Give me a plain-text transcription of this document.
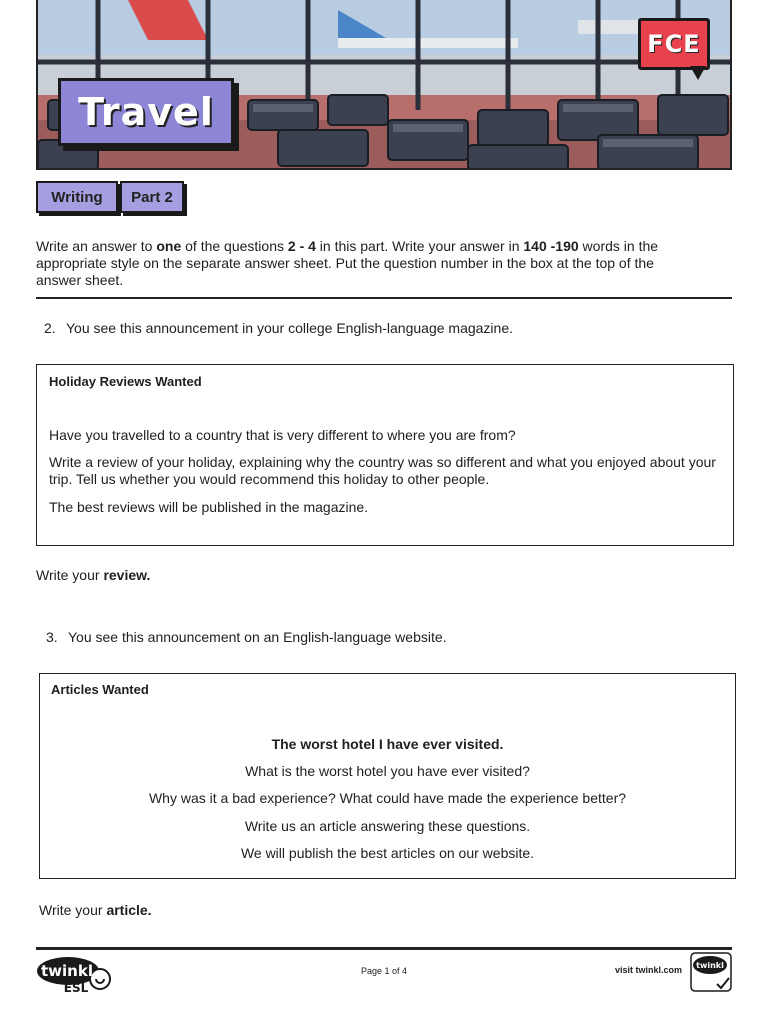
Travel
FCE
Writing	Part 2

Write an answer to one of the questions 2 - 4 in this part. Write your answer in 140 -190 words in the appropriate style on the separate answer sheet. Put the question number in the box at the top of the answer sheet.

2. You see this announcement in your college English-language magazine.

Holiday Reviews Wanted

Have you travelled to a country that is very different to where you are from?

Write a review of your holiday, explaining why the country was so different and what you enjoyed about your trip. Tell us whether you would recommend this holiday to other people.

The best reviews will be published in the magazine.

Write your review.

3. You see this announcement on an English-language website.

Articles Wanted

The worst hotel I have ever visited.

What is the worst hotel you have ever visited?

Why was it a bad experience? What could have made the experience better?

Write us an article answering these questions.

We will publish the best articles on our website.

Write your article.

twinkl
ESL
Page 1 of 4	visit twinkl.com twinkl
